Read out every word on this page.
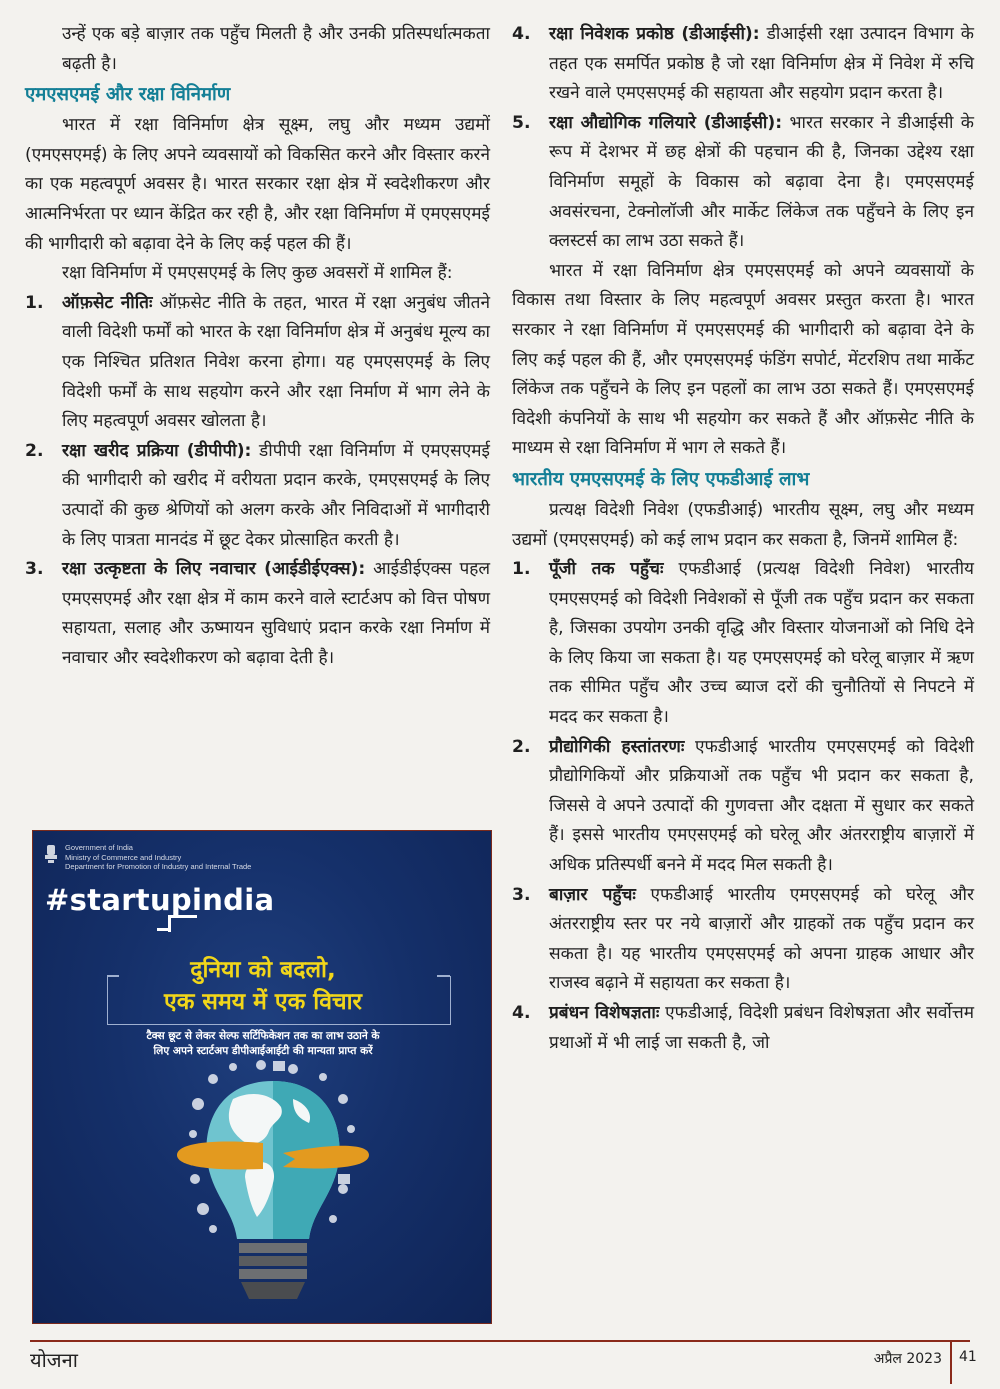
उन्हें एक बड़े बाज़ार तक पहुँच मिलती है और उनकी प्रतिस्पर्धात्मकता बढ़ती है।

एमएसएमई और रक्षा विनिर्माण

भारत में रक्षा विनिर्माण क्षेत्र सूक्ष्म, लघु और मध्यम उद्यमों (एमएसएमई) के लिए अपने व्यवसायों को विकसित करने और विस्तार करने का एक महत्वपूर्ण अवसर है। भारत सरकार रक्षा क्षेत्र में स्वदेशीकरण और आत्मनिर्भरता पर ध्यान केंद्रित कर रही है, और रक्षा विनिर्माण में एमएसएमई की भागीदारी को बढ़ावा देने के लिए कई पहल की हैं।

रक्षा विनिर्माण में एमएसएमई के लिए कुछ अवसरों में शामिल हैं:

1. ऑफ़सेट नीतिः ऑफ़सेट नीति के तहत, भारत में रक्षा अनुबंध जीतने वाली विदेशी फर्मों को भारत के रक्षा विनिर्माण क्षेत्र में अनुबंध मूल्य का एक निश्चित प्रतिशत निवेश करना होगा। यह एमएसएमई के लिए विदेशी फर्मों के साथ सहयोग करने और रक्षा निर्माण में भाग लेने के लिए महत्वपूर्ण अवसर खोलता है।
2. रक्षा खरीद प्रक्रिया (डीपीपी): डीपीपी रक्षा विनिर्माण में एमएसएमई की भागीदारी को खरीद में वरीयता प्रदान करके, एमएसएमई के लिए उत्पादों की कुछ श्रेणियों को अलग करके और निविदाओं में भागीदारी के लिए पात्रता मानदंड में छूट देकर प्रोत्साहित करती है।
3. रक्षा उत्कृष्टता के लिए नवाचार (आईडीईएक्स): आईडीईएक्स पहल एमएसएमई और रक्षा क्षेत्र में काम करने वाले स्टार्टअप को वित्त पोषण सहायता, सलाह और ऊष्मायन सुविधाएं प्रदान करके रक्षा निर्माण में नवाचार और स्वदेशीकरण को बढ़ावा देती है।
Government of India
Ministry of Commerce and Industry
Department for Promotion of Industry and Internal Trade
#startupindia
दुनिया को बदलो,
एक समय में एक विचार
टैक्स छूट से लेकर सेल्फ सर्टिफिकेशन तक का लाभ उठाने के
लिए अपने स्टार्टअप डीपीआईआईटी की मान्यता प्राप्त करें
4. रक्षा निवेशक प्रकोष्ठ (डीआईसी): डीआईसी रक्षा उत्पादन विभाग के तहत एक समर्पित प्रकोष्ठ है जो रक्षा विनिर्माण क्षेत्र में निवेश में रुचि रखने वाले एमएसएमई की सहायता और सहयोग प्रदान करता है।
5. रक्षा औद्योगिक गलियारे (डीआईसी): भारत सरकार ने डीआईसी के रूप में देशभर में छह क्षेत्रों की पहचान की है, जिनका उद्देश्य रक्षा विनिर्माण समूहों के विकास को बढ़ावा देना है। एमएसएमई अवसंरचना, टेक्नोलॉजी और मार्केट लिंकेज तक पहुँचने के लिए इन क्लस्टर्स का लाभ उठा सकते हैं।

भारत में रक्षा विनिर्माण क्षेत्र एमएसएमई को अपने व्यवसायों के विकास तथा विस्तार के लिए महत्वपूर्ण अवसर प्रस्तुत करता है। भारत सरकार ने रक्षा विनिर्माण में एमएसएमई की भागीदारी को बढ़ावा देने के लिए कई पहल की हैं, और एमएसएमई फंडिंग सपोर्ट, मेंटरशिप तथा मार्केट लिंकेज तक पहुँचने के लिए इन पहलों का लाभ उठा सकते हैं। एमएसएमई विदेशी कंपनियों के साथ भी सहयोग कर सकते हैं और ऑफ़सेट नीति के माध्यम से रक्षा विनिर्माण में भाग ले सकते हैं।

भारतीय एमएसएमई के लिए एफडीआई लाभ

प्रत्यक्ष विदेशी निवेश (एफडीआई) भारतीय सूक्ष्म, लघु और मध्यम उद्यमों (एमएसएमई) को कई लाभ प्रदान कर सकता है, जिनमें शामिल हैं:

1. पूँजी तक पहुँचः एफडीआई (प्रत्यक्ष विदेशी निवेश) भारतीय एमएसएमई को विदेशी निवेशकों से पूँजी तक पहुँच प्रदान कर सकता है, जिसका उपयोग उनकी वृद्धि और विस्तार योजनाओं को निधि देने के लिए किया जा सकता है। यह एमएसएमई को घरेलू बाज़ार में ऋण तक सीमित पहुँच और उच्च ब्याज दरों की चुनौतियों से निपटने में मदद कर सकता है।
2. प्रौद्योगिकी हस्तांतरणः एफडीआई भारतीय एमएसएमई को विदेशी प्रौद्योगिकियों और प्रक्रियाओं तक पहुँच भी प्रदान कर सकता है, जिससे वे अपने उत्पादों की गुणवत्ता और दक्षता में सुधार कर सकते हैं। इससे भारतीय एमएसएमई को घरेलू और अंतरराष्ट्रीय बाज़ारों में अधिक प्रतिस्पर्धी बनने में मदद मिल सकती है।
3. बाज़ार पहुँचः एफडीआई भारतीय एमएसएमई को घरेलू और अंतरराष्ट्रीय स्तर पर नये बाज़ारों और ग्राहकों तक पहुँच प्रदान कर सकता है। यह भारतीय एमएसएमई को अपना ग्राहक आधार और राजस्व बढ़ाने में सहायता कर सकता है।
4. प्रबंधन विशेषज्ञताः एफडीआई, विदेशी प्रबंधन विशेषज्ञता और सर्वोत्तम प्रथाओं में भी लाई जा सकती है, जो
योजना	अप्रैल 2023 41
